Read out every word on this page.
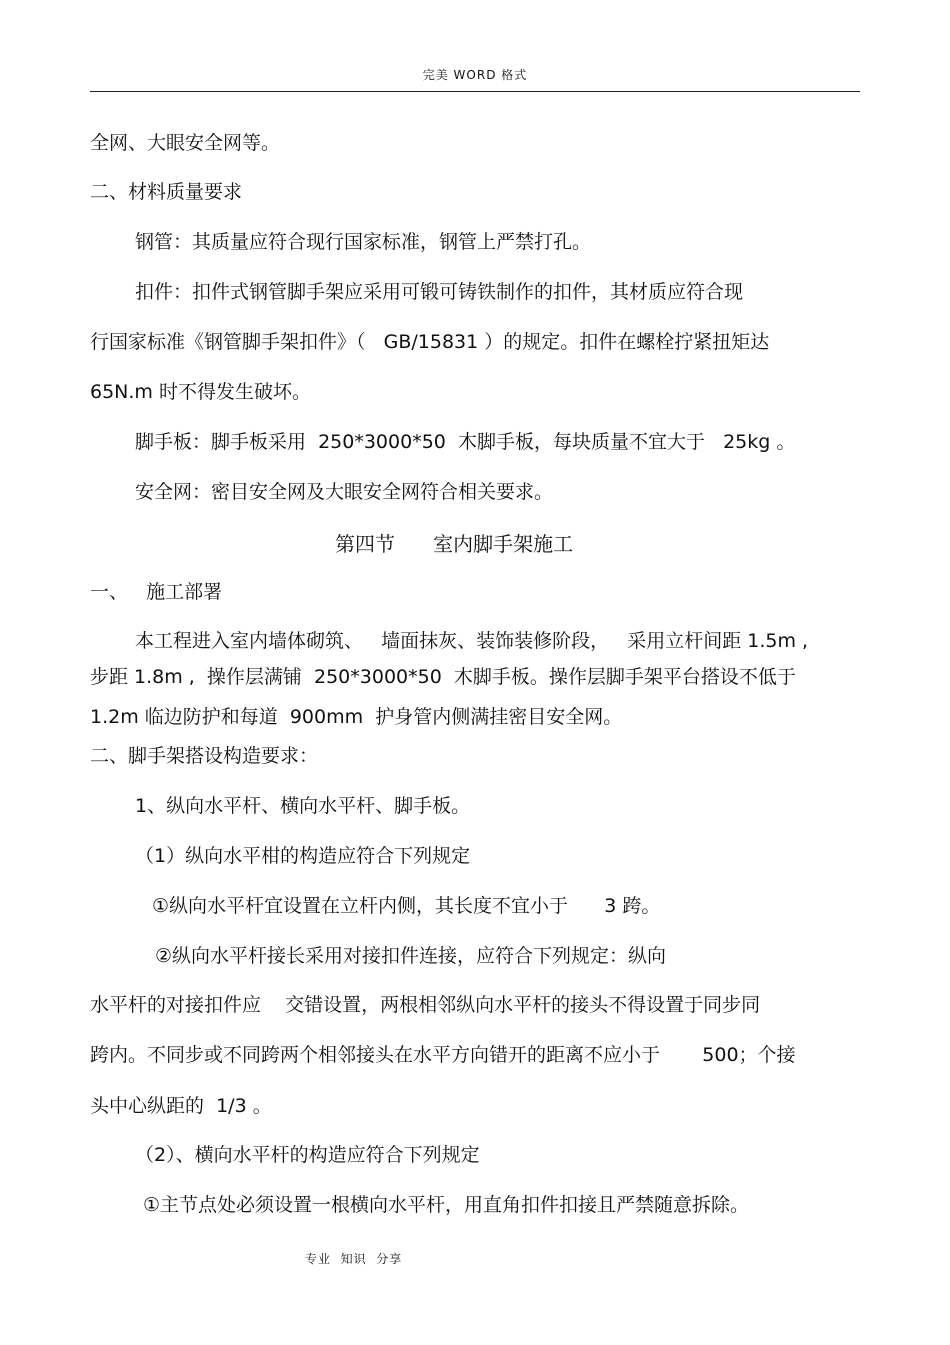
完美 WORD 格式
全网、大眼安全网等。
二、材料质量要求
钢管：其质量应符合现行国家标准，钢管上严禁打孔。
扣件：扣件式钢管脚手架应采用可锻可铸铁制作的扣件，其材质应符合现
行国家标准《钢管脚手架扣件》（   GB/15831 ）的规定。扣件在螺栓拧紧扭矩达
65N.m 时不得发生破坏。
脚手板：脚手板采用  250*3000*50  木脚手板，每块质量不宜大于   25kg 。
安全网：密目安全网及大眼安全网符合相关要求。
第四节      室内脚手架施工
一、   施工部署
本工程进入室内墙体砌筑、   墙面抹灰、装饰装修阶段，   采用立杆间距 1.5m ,
步距 1.8m ,  操作层满铺  250*3000*50  木脚手板。操作层脚手架平台搭设不低于
1.2m 临边防护和每道  900mm  护身管内侧满挂密目安全网。
二、脚手架搭设构造要求：
1、纵向水平杆、横向水平杆、脚手板。
（1）纵向水平柑的构造应符合下列规定
①纵向水平杆宜设置在立杆内侧，其长度不宜小于      3 跨。
②纵向水平杆接长采用对接扣件连接，应符合下列规定：纵向
水平杆的对接扣件应    交错设置，两根相邻纵向水平杆的接头不得设置于同步同
跨内。不同步或不同跨两个相邻接头在水平方向错开的距离不应小于       500；个接
头中心纵距的  1/3 。
（2）、横向水平杆的构造应符合下列规定
①主节点处必须设置一根横向水平杆，用直角扣件扣接且严禁随意拆除。
专业  知识  分享
